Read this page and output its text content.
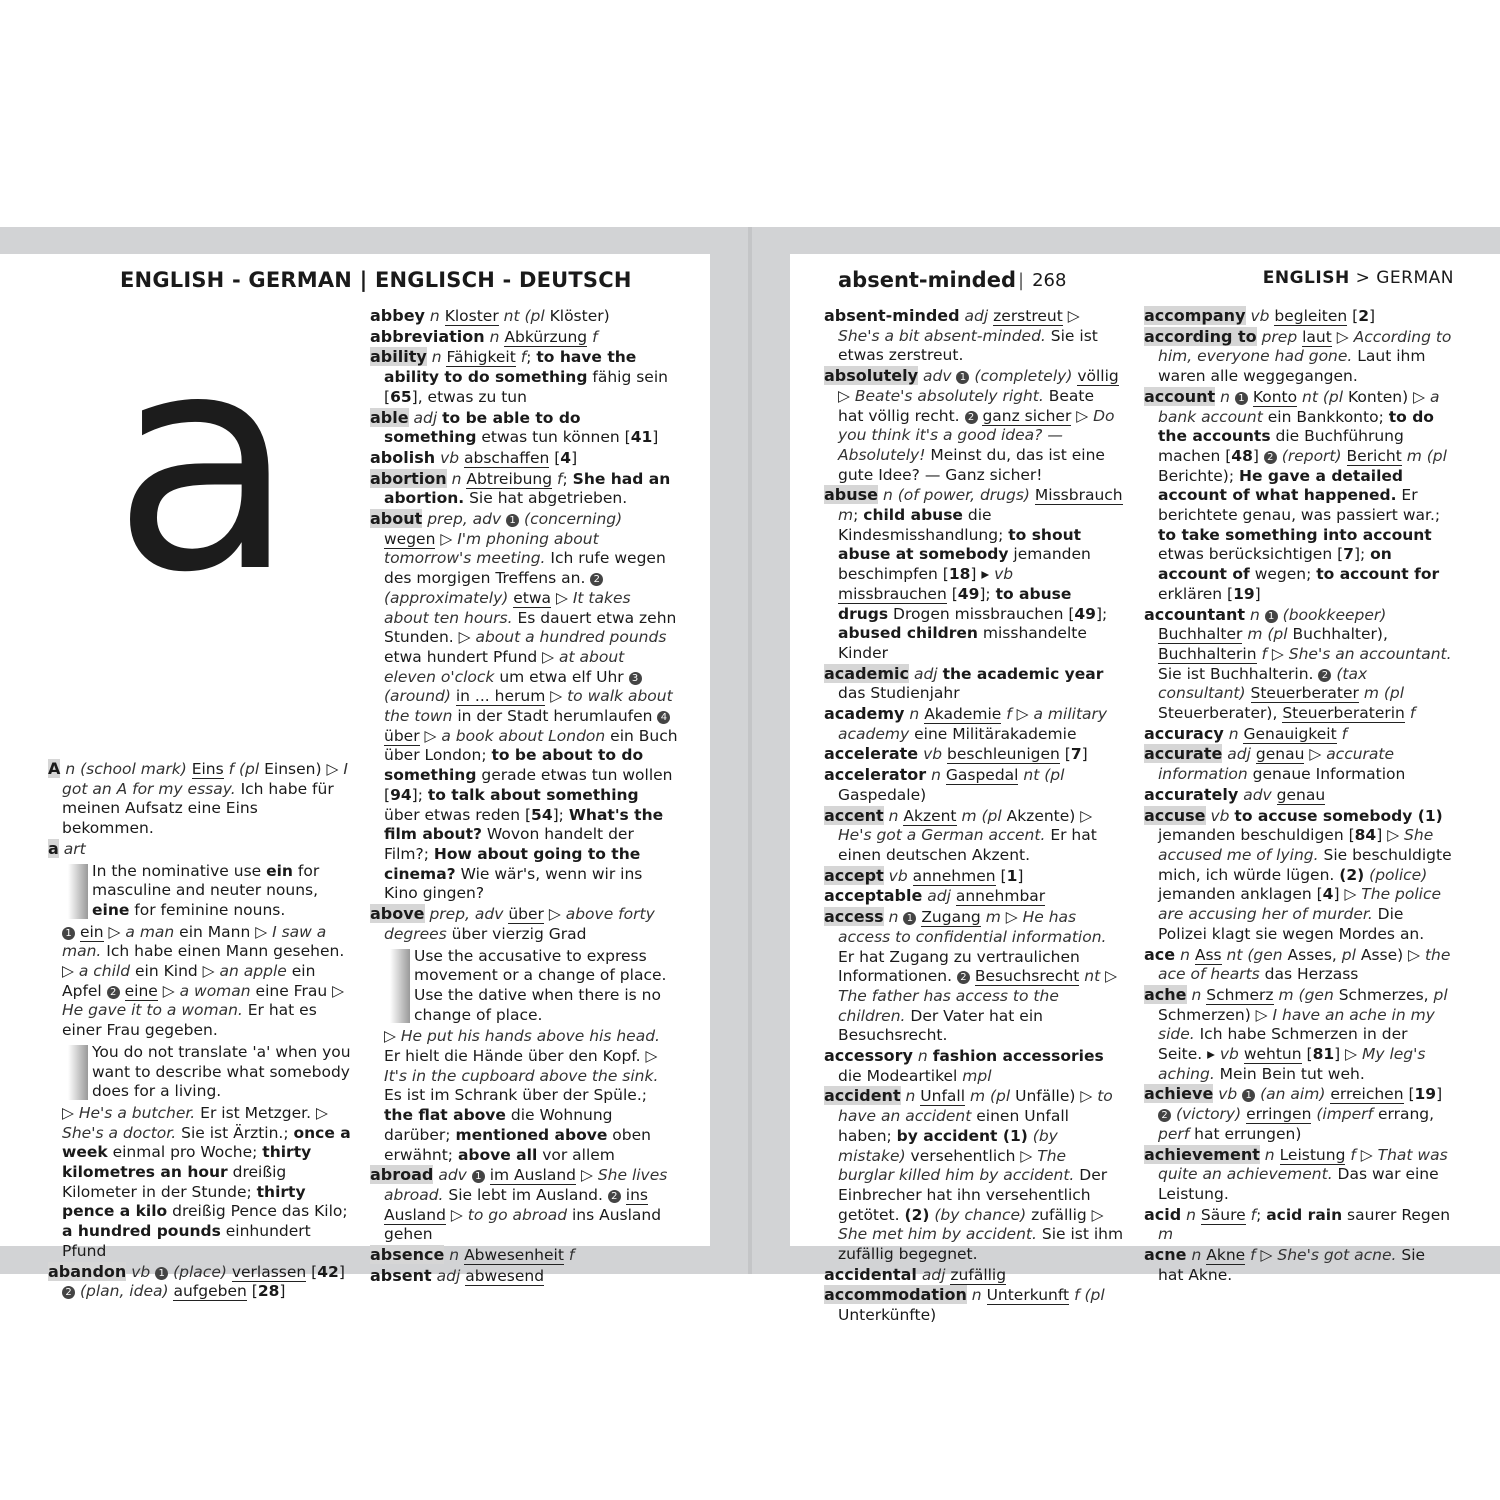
ENGLISH - GERMAN | ENGLISCH - DEUTSCH
a
A n (school mark) Eins f (pl Einsen) ▷ I got an A for my essay. Ich habe für meinen Aufsatz eine Eins bekommen.
a art
In the nominative use ein for masculine and neuter nouns, eine for feminine nouns.
1 ein ▷ a man ein Mann ▷ I saw a man. Ich habe einen Mann gesehen. ▷ a child ein Kind ▷ an apple ein Apfel 2 eine ▷ a woman eine Frau ▷ He gave it to a woman. Er hat es einer Frau gegeben.
You do not translate 'a' when you want to describe what somebody does for a living.
▷ He's a butcher. Er ist Metzger. ▷ She's a doctor. Sie ist Ärztin.; once a week einmal pro Woche; thirty kilometres an hour dreißig Kilometer in der Stunde; thirty pence a kilo dreißig Pence das Kilo; a hundred pounds einhundert Pfund
abandon vb 1 (place) verlassen [42] 2 (plan, idea) aufgeben [28]
abbey n Kloster nt (pl Klöster)
abbreviation n Abkürzung f
ability n Fähigkeit f; to have the ability to do something fähig sein [65], etwas zu tun
able adj to be able to do something etwas tun können [41]
abolish vb abschaffen [4]
abortion n Abtreibung f; She had an abortion. Sie hat abgetrieben.
about prep, adv 1 (concerning) wegen ▷ I'm phoning about tomorrow's meeting. Ich rufe wegen des morgigen Treffens an. 2 (approximately) etwa ▷ It takes about ten hours. Es dauert etwa zehn Stunden. ▷ about a hundred pounds etwa hundert Pfund ▷ at about eleven o'clock um etwa elf Uhr 3 (around) in ... herum ▷ to walk about the town in der Stadt herumlaufen 4 über ▷ a book about London ein Buch über London; to be about to do something gerade etwas tun wollen [94]; to talk about something über etwas reden [54]; What's the film about? Wovon handelt der Film?; How about going to the cinema? Wie wär's, wenn wir ins Kino gingen?
above prep, adv über ▷ above forty degrees über vierzig Grad
Use the accusative to express movement or a change of place. Use the dative when there is no change of place.
▷ He put his hands above his head. Er hielt die Hände über den Kopf. ▷ It's in the cupboard above the sink. Es ist im Schrank über der Spüle.; the flat above die Wohnung darüber; mentioned above oben erwähnt; above all vor allem
abroad adv 1 im Ausland ▷ She lives abroad. Sie lebt im Ausland. 2 ins Ausland ▷ to go abroad ins Ausland gehen
absence n Abwesenheit f
absent adj abwesend
absent-minded | 268	ENGLISH > GERMAN
absent-minded adj zerstreut ▷ She's a bit absent-minded. Sie ist etwas zerstreut.
absolutely adv 1 (completely) völlig ▷ Beate's absolutely right. Beate hat völlig recht. 2 ganz sicher ▷ Do you think it's a good idea? — Absolutely! Meinst du, das ist eine gute Idee? — Ganz sicher!
abuse n (of power, drugs) Missbrauch m; child abuse die Kindesmisshandlung; to shout abuse at somebody jemanden beschimpfen [18] ▸ vb missbrauchen [49]; to abuse drugs Drogen missbrauchen [49]; abused children misshandelte Kinder
academic adj the academic year das Studienjahr
academy n Akademie f ▷ a military academy eine Militärakademie
accelerate vb beschleunigen [7]
accelerator n Gaspedal nt (pl Gaspedale)
accent n Akzent m (pl Akzente) ▷ He's got a German accent. Er hat einen deutschen Akzent.
accept vb annehmen [1]
acceptable adj annehmbar
access n 1 Zugang m ▷ He has access to confidential information. Er hat Zugang zu vertraulichen Informationen. 2 Besuchsrecht nt ▷ The father has access to the children. Der Vater hat ein Besuchsrecht.
accessory n fashion accessories die Modeartikel mpl
accident n Unfall m (pl Unfälle) ▷ to have an accident einen Unfall haben; by accident (1) (by mistake) versehentlich ▷ The burglar killed him by accident. Der Einbrecher hat ihn versehentlich getötet. (2) (by chance) zufällig ▷ She met him by accident. Sie ist ihm zufällig begegnet.
accidental adj zufällig
accommodation n Unterkunft f (pl Unterkünfte)
accompany vb begleiten [2]
according to prep laut ▷ According to him, everyone had gone. Laut ihm waren alle weggegangen.
account n 1 Konto nt (pl Konten) ▷ a bank account ein Bankkonto; to do the accounts die Buchführung machen [48] 2 (report) Bericht m (pl Berichte); He gave a detailed account of what happened. Er berichtete genau, was passiert war.; to take something into account etwas berücksichtigen [7]; on account of wegen; to account for erklären [19]
accountant n 1 (bookkeeper) Buchhalter m (pl Buchhalter), Buchhalterin f ▷ She's an accountant. Sie ist Buchhalterin. 2 (tax consultant) Steuerberater m (pl Steuerberater), Steuerberaterin f
accuracy n Genauigkeit f
accurate adj genau ▷ accurate information genaue Information
accurately adv genau
accuse vb to accuse somebody (1) jemanden beschuldigen [84] ▷ She accused me of lying. Sie beschuldigte mich, ich würde lügen. (2) (police) jemanden anklagen [4] ▷ The police are accusing her of murder. Die Polizei klagt sie wegen Mordes an.
ace n Ass nt (gen Asses, pl Asse) ▷ the ace of hearts das Herzass
ache n Schmerz m (gen Schmerzes, pl Schmerzen) ▷ I have an ache in my side. Ich habe Schmerzen in der Seite. ▸ vb wehtun [81] ▷ My leg's aching. Mein Bein tut weh.
achieve vb 1 (an aim) erreichen [19] 2 (victory) erringen (imperf errang, perf hat errungen)
achievement n Leistung f ▷ That was quite an achievement. Das war eine Leistung.
acid n Säure f; acid rain saurer Regen m
acne n Akne f ▷ She's got acne. Sie hat Akne.
